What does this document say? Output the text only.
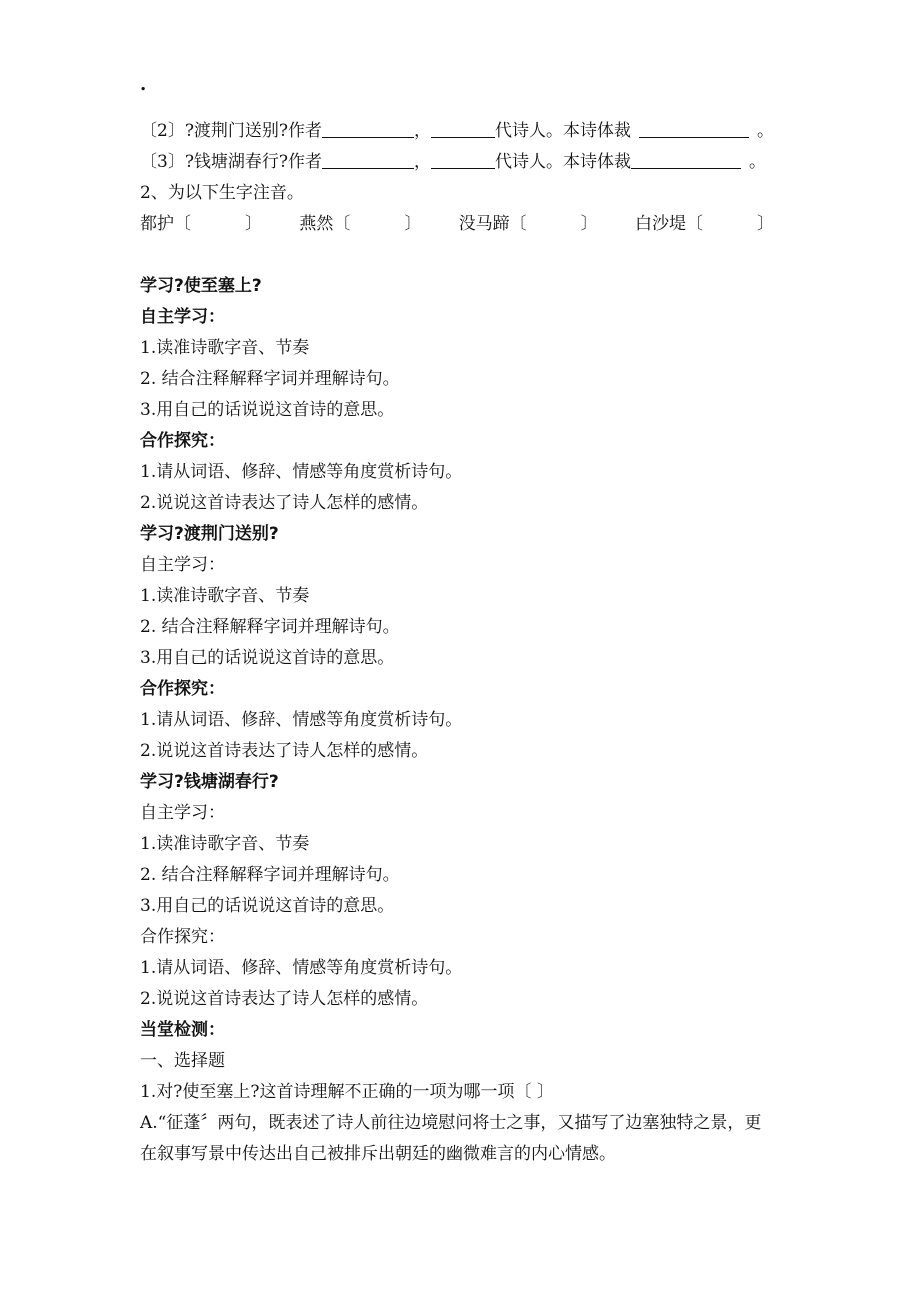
.
〔2〕?渡荆门送别?作者	，	代诗人。本诗体裁	。
〔3〕?钱塘湖春行?作者	，	代诗人。本诗体裁	。
2、为以下生字注音。
都护〔	〕 燕然〔	〕 没马蹄〔	〕 白沙堤〔	〕
学习?使至塞上?
自主学习：
1.读准诗歌字音、节奏
2. 结合注释解释字词并理解诗句。
3.用自己的话说说这首诗的意思。
合作探究：
1.请从词语、修辞、情感等角度赏析诗句。
2.说说这首诗表达了诗人怎样的感情。
学习?渡荆门送别?
自主学习：
1.读准诗歌字音、节奏
2. 结合注释解释字词并理解诗句。
3.用自己的话说说这首诗的意思。
合作探究：
1.请从词语、修辞、情感等角度赏析诗句。
2.说说这首诗表达了诗人怎样的感情。
学习?钱塘湖春行?
自主学习：
1.读准诗歌字音、节奏
2. 结合注释解释字词并理解诗句。
3.用自己的话说说这首诗的意思。
合作探究：
1.请从词语、修辞、情感等角度赏析诗句。
2.说说这首诗表达了诗人怎样的感情。
当堂检测：
一、选择题
1.对?使至塞上?这首诗理解不正确的一项为哪一项〔 〕
A.“征蓬〞两句，既表述了诗人前往边境慰问将士之事，又描写了边塞独特之景，更在叙事写景中传达出自己被排斥出朝廷的幽微难言的内心情感。
